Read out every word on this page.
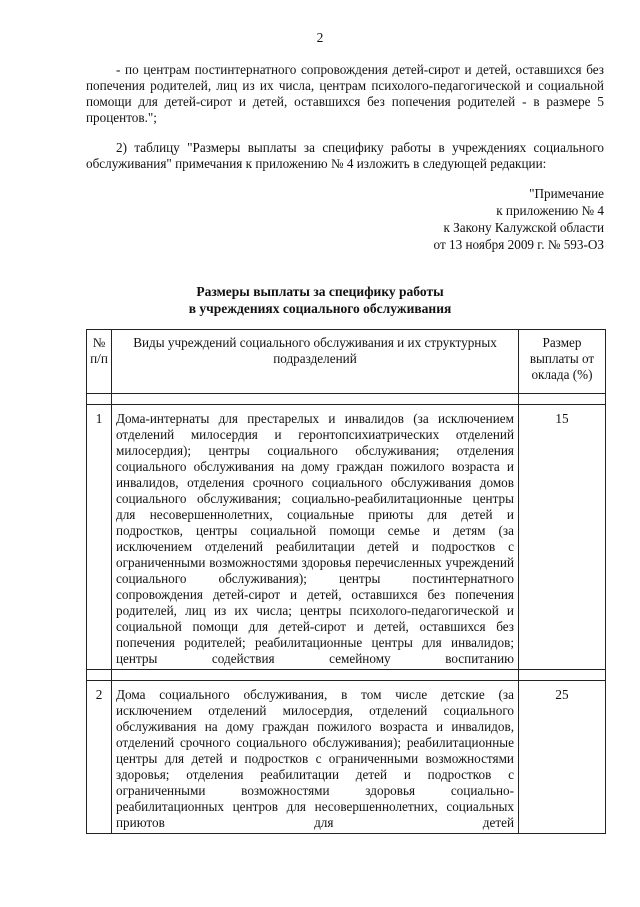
2

- по центрам постинтернатного сопровождения детей-сирот и детей, оставшихся без попечения родителей, лиц из их числа, центрам психолого-педагогической и социальной помощи для детей-сирот и детей, оставшихся без попечения родителей - в размере 5 процентов.";

2) таблицу "Размеры выплаты за специфику работы в учреждениях социального обслуживания" примечания к приложению № 4 изложить в следующей редакции:

"Примечание
к приложению № 4
к Закону Калужской области
от 13 ноября 2009 г. № 593-ОЗ
Размеры выплаты за специфику работы
в учреждениях социального обслуживания
№ п/п	Виды учреждений социального обслуживания и их структурных подразделений	Размер выплаты от оклада (%)

1	Дома-интернаты для престарелых и инвалидов (за исключением отделений милосердия и геронтопсихиатрических отделений милосердия); центры социального обслуживания; отделения социального обслуживания на дому граждан пожилого возраста и инвалидов, отделения срочного социального обслуживания домов социального обслуживания; социально-реабилитационные центры для несовершеннолетних, социальные приюты для детей и подростков, центры социальной помощи семье и детям (за исключением отделений реабилитации детей и подростков с ограниченными возможностями здоровья перечисленных учреждений социального обслуживания); центры постинтернатного сопровождения детей-сирот и детей, оставшихся без попечения родителей, лиц из их числа; центры психолого-педагогической и социальной помощи для детей-сирот и детей, оставшихся без попечения родителей; реабилитационные центры для инвалидов; центры содействия семейному воспитанию	15

2	Дома социального обслуживания, в том числе детские (за исключением отделений милосердия, отделений социального обслуживания на дому граждан пожилого возраста и инвалидов, отделений срочного социального обслуживания); реабилитационные центры для детей и подростков с ограниченными возможностями здоровья; отделения реабилитации детей и подростков с ограниченными возможностями здоровья социально-реабилитационных центров для несовершеннолетних, социальных приютов для детей	25
